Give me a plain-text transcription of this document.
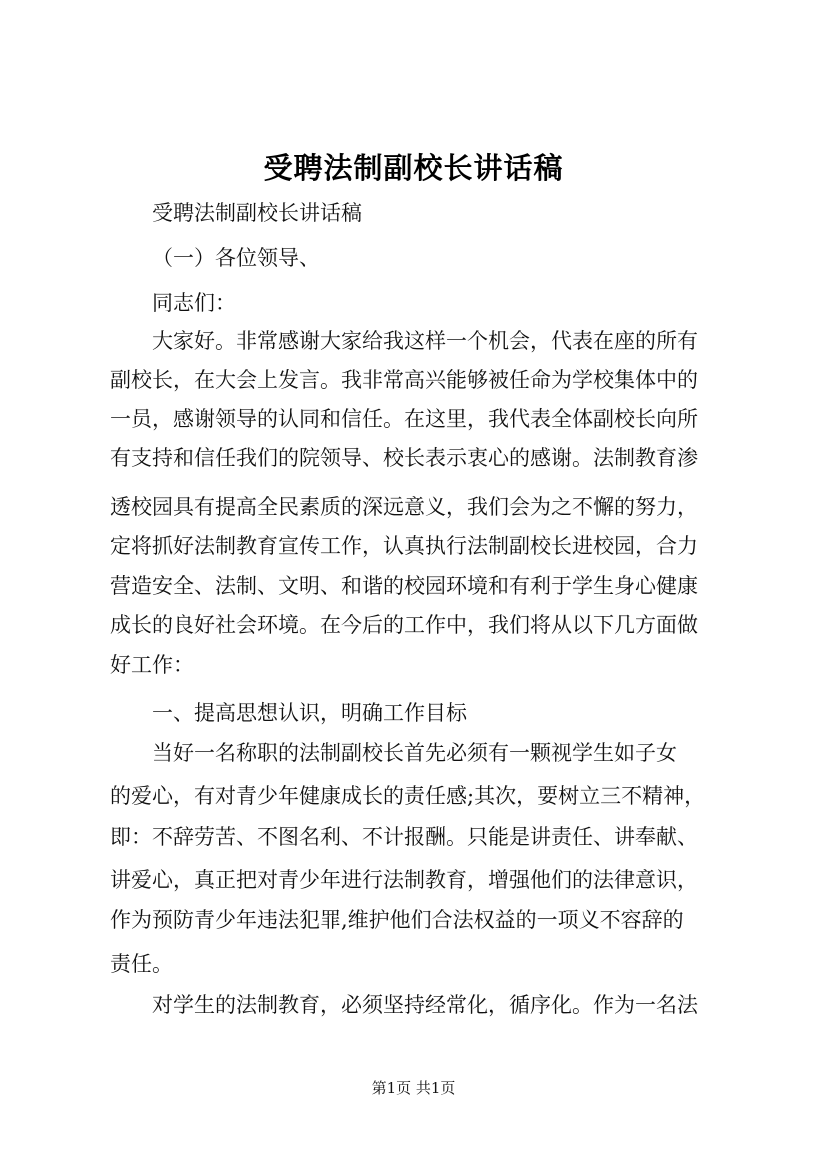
受聘法制副校长讲话稿
受聘法制副校长讲话稿
（一）各位领导、
同志们：
大家好。非常感谢大家给我这样一个机会，代表在座的所有
副校长，在大会上发言。我非常高兴能够被任命为学校集体中的
一员，感谢领导的认同和信任。在这里，我代表全体副校长向所
有支持和信任我们的院领导、校长表示衷心的感谢。法制教育渗
透校园具有提高全民素质的深远意义，我们会为之不懈的努力，
定将抓好法制教育宣传工作，认真执行法制副校长进校园，合力
营造安全、法制、文明、和谐的校园环境和有利于学生身心健康
成长的良好社会环境。在今后的工作中，我们将从以下几方面做
好工作：
一、提高思想认识，明确工作目标
当好一名称职的法制副校长首先必须有一颗视学生如子女
的爱心，有对青少年健康成长的责任感;其次，要树立三不精神，
即：不辞劳苦、不图名利、不计报酬。只能是讲责任、讲奉献、
讲爱心，真正把对青少年进行法制教育，增强他们的法律意识，
作为预防青少年违法犯罪,维护他们合法权益的一项义不容辞的
责任。
对学生的法制教育，必须坚持经常化，循序化。作为一名法
第1页 共1页
